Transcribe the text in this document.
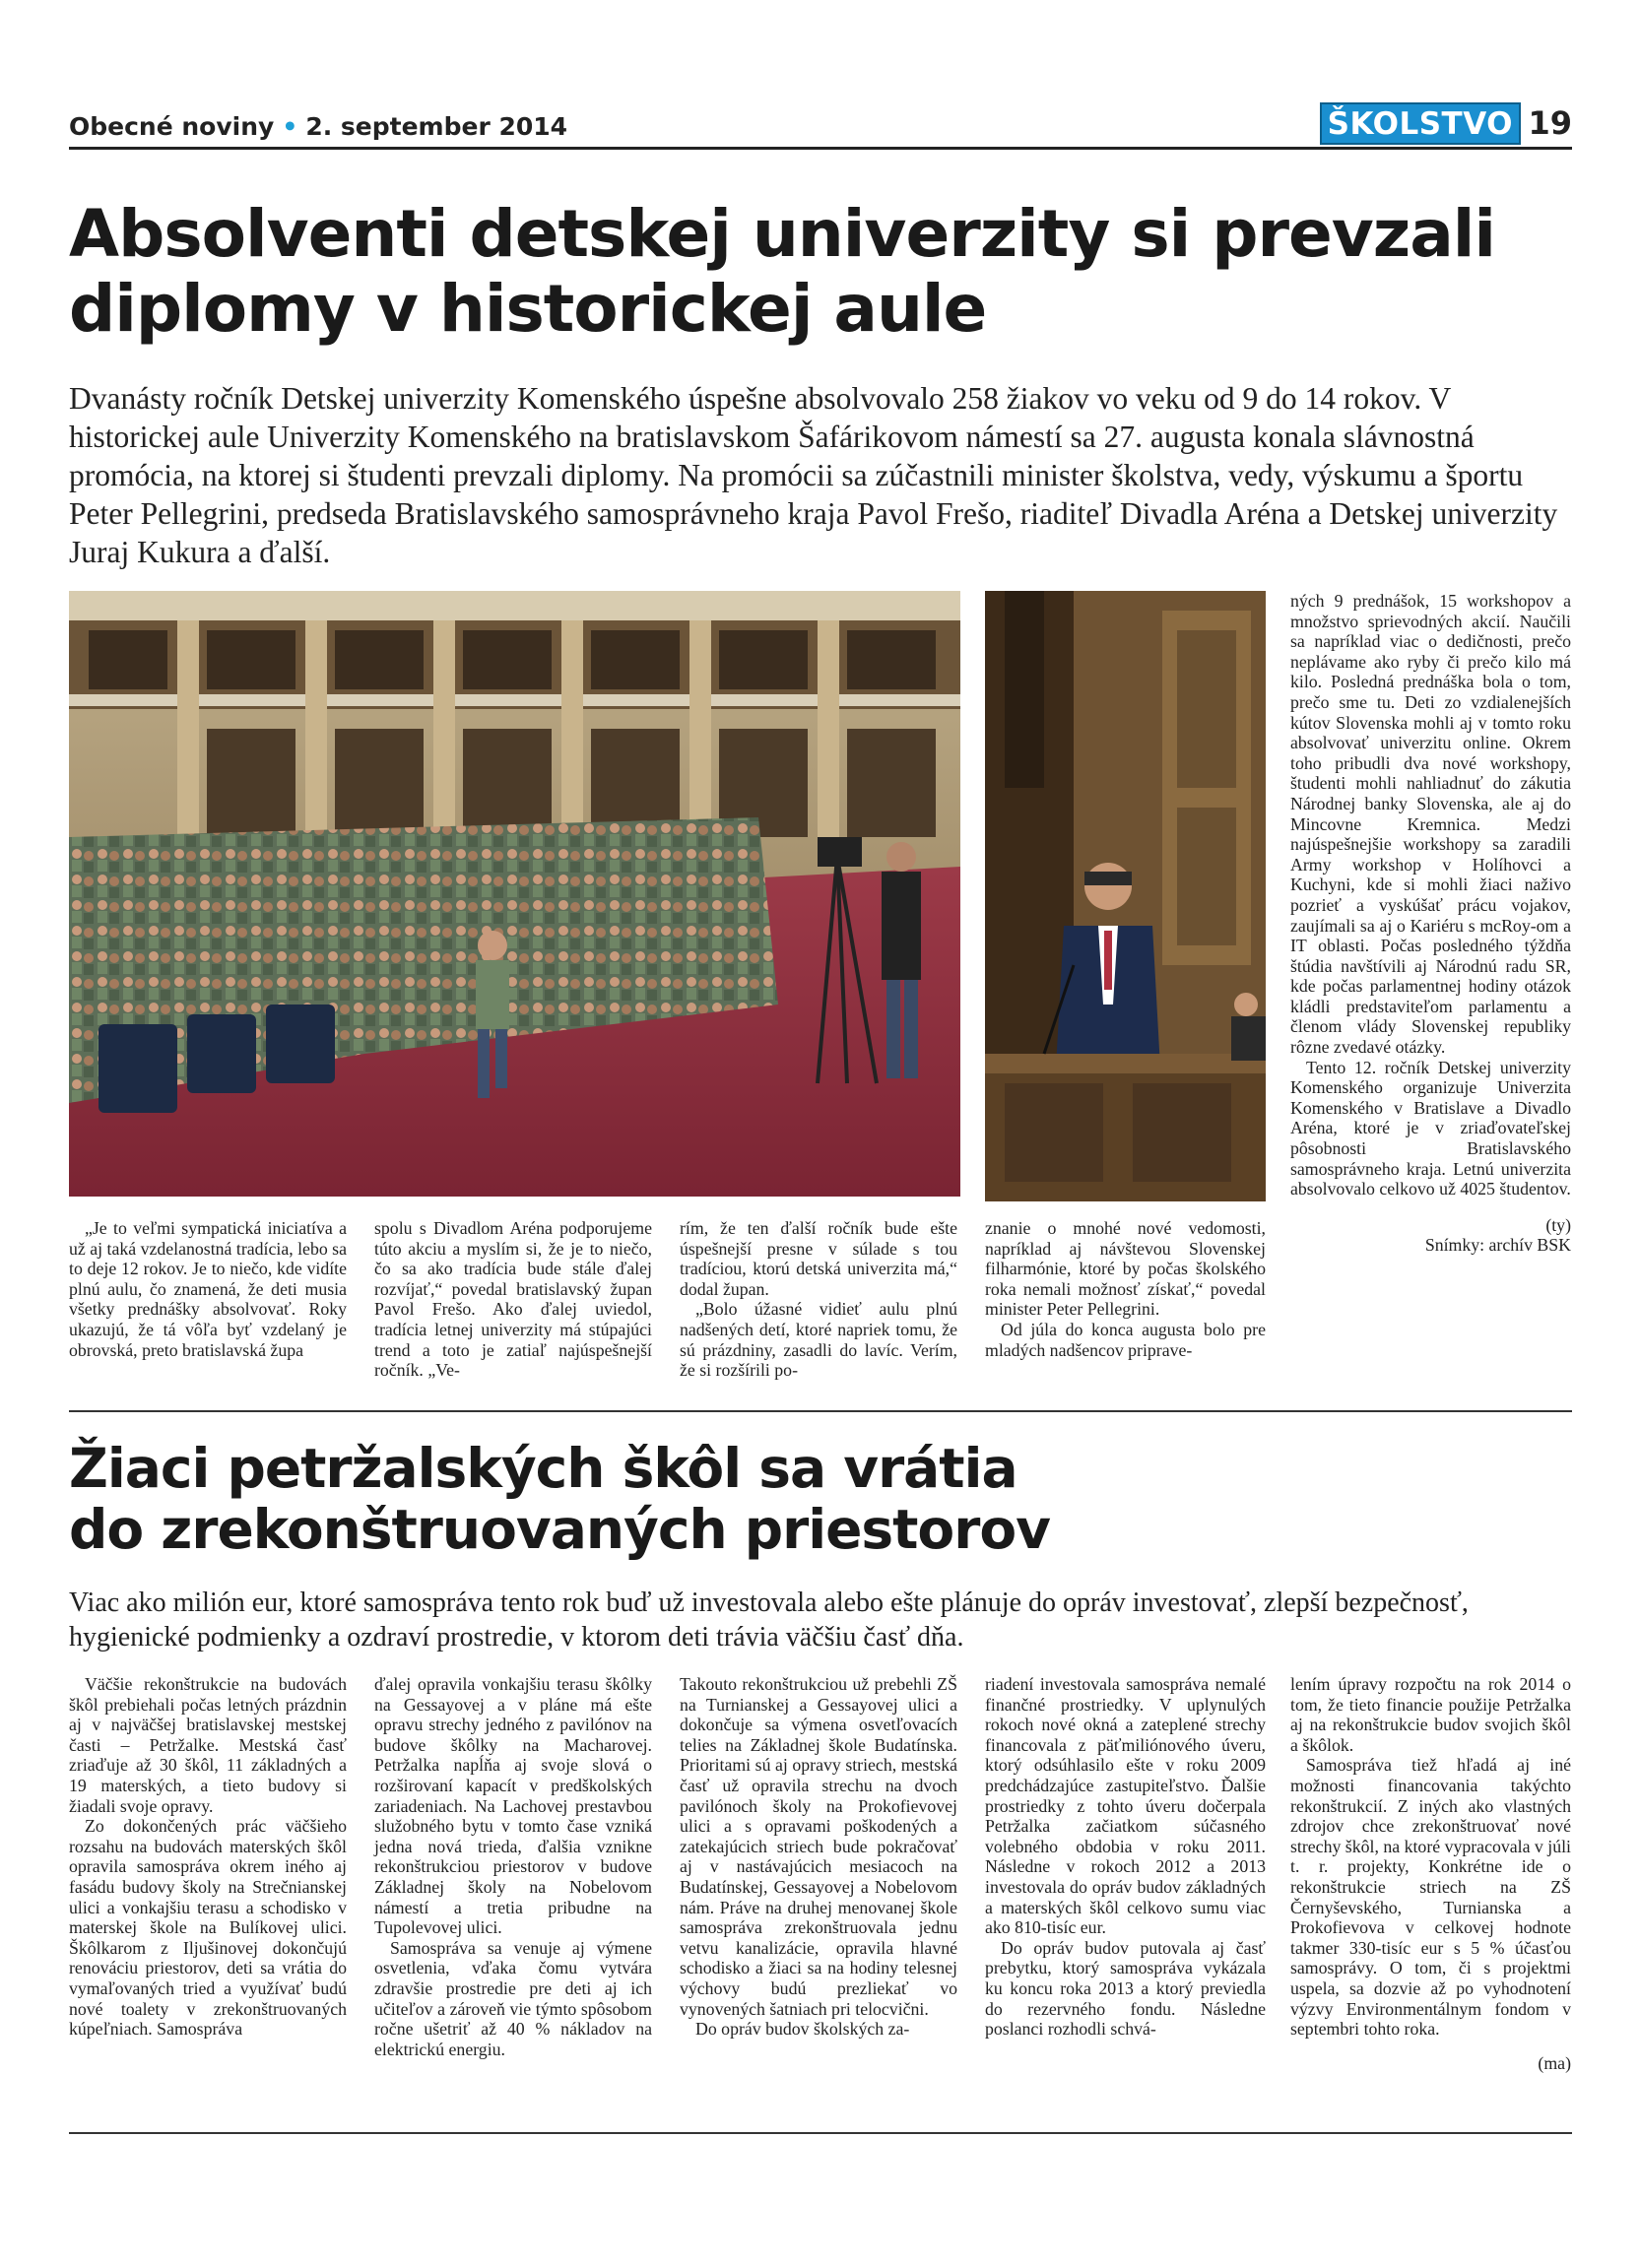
Obecné noviny • 2. september 2014	ŠKOLSTVO 19
Absolventi detskej univerzity si prevzali
diplomy v historickej aule
Dvanásty ročník Detskej univerzity Komenského úspešne absolvovalo 258 žiakov vo veku od 9 do 14 rokov. V historickej aule Univerzity Komenského na bratislavskom Šafárikovom námestí sa 27. augusta konala slávnostná promócia, na ktorej si študenti prevzali diplomy. Na promócii sa zúčastnili minister školstva, vedy, výskumu a športu Peter Pellegrini, predseda Bratislavského samosprávneho kraja Pavol Frešo, riaditeľ Divadla Aréna a Detskej univerzity Juraj Kukura a ďalší.

„Je to veľmi sympatická iniciatíva a už aj taká vzdelanostná tradícia, lebo sa to deje 12 rokov. Je to niečo, kde vidíte plnú aulu, čo znamená, že deti musia všetky prednášky absolvovať. Roky ukazujú, že tá vôľa byť vzdelaný je obrovská, preto bratislavská župa

spolu s Divadlom Aréna podporujeme túto akciu a myslím si, že je to niečo, čo sa ako tradícia bude stále ďalej rozvíjať,“ povedal bratislavský župan Pavol Frešo. Ako ďalej uviedol, tradícia letnej univerzity má stúpajúci trend a toto je zatiaľ najúspešnejší ročník. „Ve-

rím, že ten ďalší ročník bude ešte úspešnejší presne v súlade s tou tradíciou, ktorú detská univerzita má,“ dodal župan.

„Bolo úžasné vidieť aulu plnú nadšených detí, ktoré napriek tomu, že sú prázdniny, zasadli do lavíc. Verím, že si rozšírili po-

znanie o mnohé nové vedomosti, napríklad aj návštevou Slovenskej filharmónie, ktoré by počas školského roka nemali možnosť získať,“ povedal minister Peter Pellegrini.

Od júla do konca augusta bolo pre mladých nadšencov priprave-

ných 9 prednášok, 15 workshopov a množstvo sprievodných akcií. Naučili sa napríklad viac o dedičnosti, prečo neplávame ako ryby či prečo kilo má kilo. Posledná prednáška bola o tom, prečo sme tu. Deti zo vzdialenejších kútov Slovenska mohli aj v tomto roku absolvovať univerzitu online. Okrem toho pribudli dva nové workshopy, študenti mohli nahliadnuť do zákutia Národnej banky Slovenska, ale aj do Mincovne Kremnica. Medzi najúspešnejšie workshopy sa zaradili Army workshop v Holíhovci a Kuchyni, kde si mohli žiaci naživo pozrieť a vyskúšať prácu vojakov, zaujímali sa aj o Kariéru s mcRoy-om a IT oblasti. Počas posledného týždňa štúdia navštívili aj Národnú radu SR, kde počas parlamentnej hodiny otázok kládli predstaviteľom parlamentu a členom vlády Slovenskej republiky rôzne zvedavé otázky.

Tento 12. ročník Detskej univerzity Komenského organizuje Univerzita Komenského v Bratislave a Divadlo Aréna, ktoré je v zriaďovateľskej pôsobnosti Bratislavského samosprávneho kraja. Letnú univerzita absolvovalo celkovo už 4025 študentov.

(ty)

Snímky: archív BSK

Žiaci petržalských škôl sa vrátia
do zrekonštruovaných priestorov
Viac ako milión eur, ktoré samospráva tento rok buď už investovala alebo ešte plánuje do opráv investovať, zlepší bezpečnosť, hygienické podmienky a ozdraví prostredie, v ktorom deti trávia väčšiu časť dňa.

Väčšie rekonštrukcie na budovách škôl prebiehali počas letných prázdnin aj v najväčšej bratislavskej mestskej časti – Petržalke. Mestská časť zriaďuje až 30 škôl, 11 základných a 19 materských, a tieto budovy si žiadali svoje opravy.

Zo dokončených prác väčšieho rozsahu na budovách materských škôl opravila samospráva okrem iného aj fasádu budovy školy na Strečnianskej ulici a vonkajšiu terasu a schodisko v materskej škole na Bulíkovej ulici. Škôlkarom z Iljušinovej dokončujú renováciu priestorov, deti sa vrátia do vymaľovaných tried a využívať budú nové toalety v zrekonštruovaných kúpeľniach. Samospráva

ďalej opravila vonkajšiu terasu škôlky na Gessayovej a v pláne má ešte opravu strechy jedného z pavilónov na budove škôlky na Macharovej. Petržalka napĺňa aj svoje slová o rozširovaní kapacít v predškolských zariadeniach. Na Lachovej prestavbou služobného bytu v tomto čase vzniká jedna nová trieda, ďalšia vznikne rekonštrukciou priestorov v budove Základnej školy na Nobelovom námestí a tretia pribudne na Tupolevovej ulici.

Samospráva sa venuje aj výmene osvetlenia, vďaka čomu vytvára zdravšie prostredie pre deti aj ich učiteľov a zároveň vie týmto spôsobom ročne ušetriť až 40 % nákladov na elektrickú energiu.

Takouto rekonštrukciou už prebehli ZŠ na Turnianskej a Gessayovej ulici a dokončuje sa výmena osvetľovacích telies na Základnej škole Budatínska. Prioritami sú aj opravy striech, mestská časť už opravila strechu na dvoch pavilónoch školy na Prokofievovej ulici a s opravami poškodených a zatekajúcich striech bude pokračovať aj v nastávajúcich mesiacoch na Budatínskej, Gessayovej a Nobelovom nám. Práve na druhej menovanej škole samospráva zrekonštruovala jednu vetvu kanalizácie, opravila hlavné schodisko a žiaci sa na hodiny telesnej výchovy budú prezliekať vo vynovených šatniach pri telocvični.

Do opráv budov školských za-

riadení investovala samospráva nemalé finančné prostriedky. V uplynulých rokoch nové okná a zateplené strechy financovala z päťmiliónového úveru, ktorý odsúhlasilo ešte v roku 2009 predchádzajúce zastupiteľstvo. Ďalšie prostriedky z tohto úveru dočerpala Petržalka začiatkom súčasného volebného obdobia v roku 2011. Následne v rokoch 2012 a 2013 investovala do opráv budov základných a materských škôl celkovo sumu viac ako 810-tisíc eur.

Do opráv budov putovala aj časť prebytku, ktorý samospráva vykázala ku koncu roka 2013 a ktorý previedla do rezervného fondu. Následne poslanci rozhodli schvá-

lením úpravy rozpočtu na rok 2014 o tom, že tieto financie použije Petržalka aj na rekonštrukcie budov svojich škôl a škôlok.

Samospráva tiež hľadá aj iné možnosti financovania takýchto rekonštrukcií. Z iných ako vlastných zdrojov chce zrekonštruovať nové strechy škôl, na ktoré vypracovala v júli t. r. projekty, Konkrétne ide o rekonštrukcie striech na ZŠ Černyševského, Turnianska a Prokofievova v celkovej hodnote takmer 330-tisíc eur s 5 % účasťou samosprávy. O tom, či s projektmi uspela, sa dozvie až po vyhodnotení výzvy Environmentálnym fondom v septembri tohto roka.

(ma)
